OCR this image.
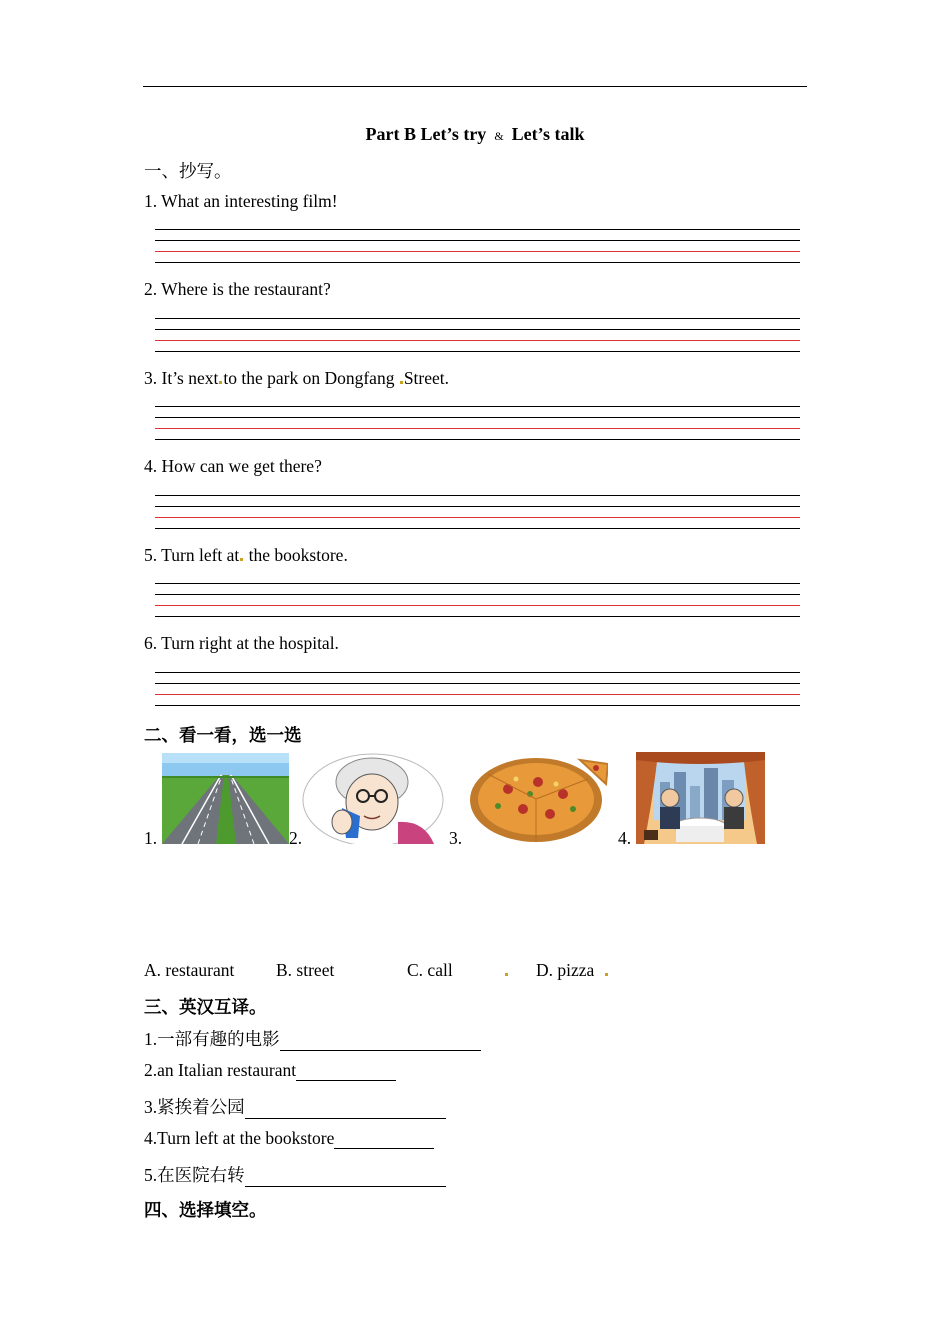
Part B Let’s try & Let’s talk
一、抄写。
1. What an interesting film!
2. Where is the restaurant?
3. It’s next to the park on Dongfang Street.
4. How can we get there?
5. Turn left at the bookstore.
6. Turn right at the hospital.
二、看一看，选一选
1.	2.	3.	4.
A. restaurant B. street	C. call	D. pizza
三、英汉互译。
1.一部有趣的电影
2.an Italian restaurant
3.紧挨着公园
4.Turn left at the bookstore
5.在医院右转
四、选择填空。
